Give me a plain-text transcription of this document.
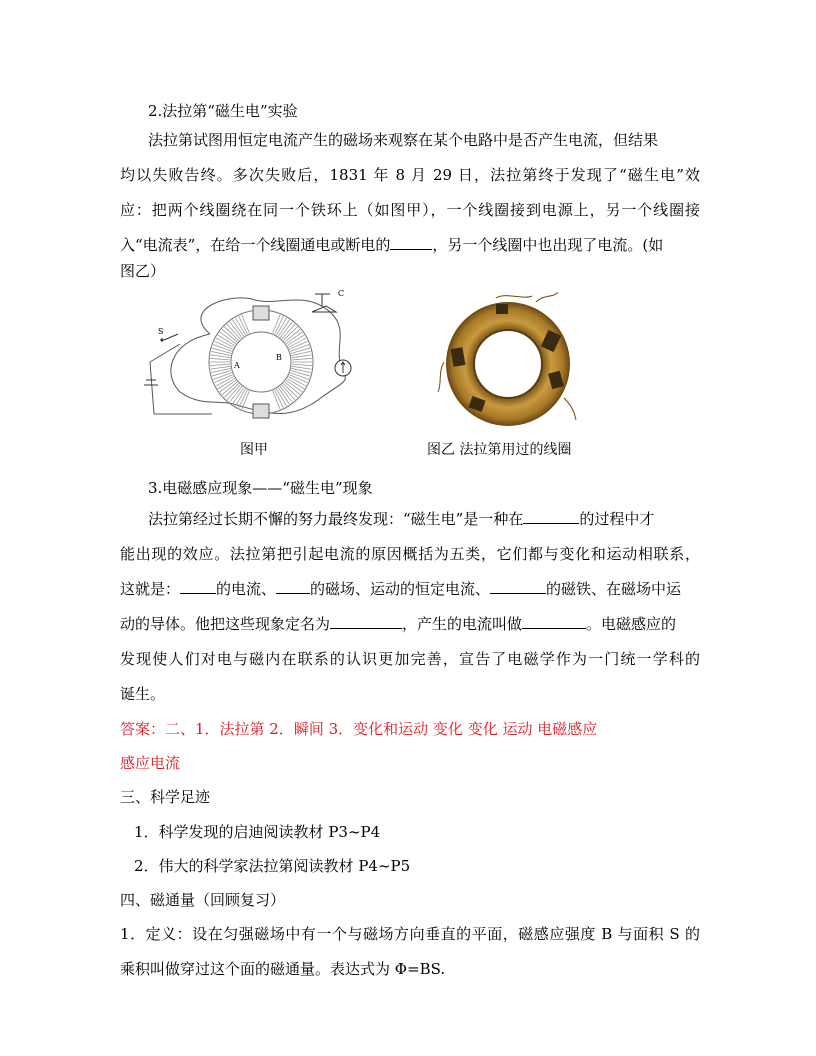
2.法拉第“磁生电”实验
法拉第试图用恒定电流产生的磁场来观察在某个电路中是否产生电流，但结果
均以失败告终。多次失败后，1831 年 8 月 29 日，法拉第终于发现了“磁生电”效
应：把两个线圈绕在同一个铁环上（如图甲），一个线圈接到电源上，另一个线圈接
入“电流表”，在给一个线圈通电或断电的	，另一个线圈中也出现了电流。(如
图乙）
S
A
B
C
图甲	图乙 法拉第用过的线圈
3.电磁感应现象——“磁生电”现象
法拉第经过长期不懈的努力最终发现：“磁生电”是一种在	的过程中才
能出现的效应。法拉第把引起电流的原因概括为五类，它们都与变化和运动相联系，
这就是： 的电流、 的磁场、运动的恒定电流、	的磁铁、在磁场中运
动的导体。他把这些现象定名为	，产生的电流叫做	。电磁感应的
发现使人们对电与磁内在联系的认识更加完善，宣告了电磁学作为一门统一学科的
诞生。
答案：二、1．法拉第 2．瞬间 3．变化和运动 变化 变化 运动 电磁感应
感应电流
三、科学足迹
1．科学发现的启迪阅读教材 P3~P4
2．伟大的科学家法拉第阅读教材 P4~P5
四、磁通量（回顾复习）
1．定义：设在匀强磁场中有一个与磁场方向垂直的平面，磁感应强度 B 与面积 S 的
乘积叫做穿过这个面的磁通量。表达式为 Φ=BS.
